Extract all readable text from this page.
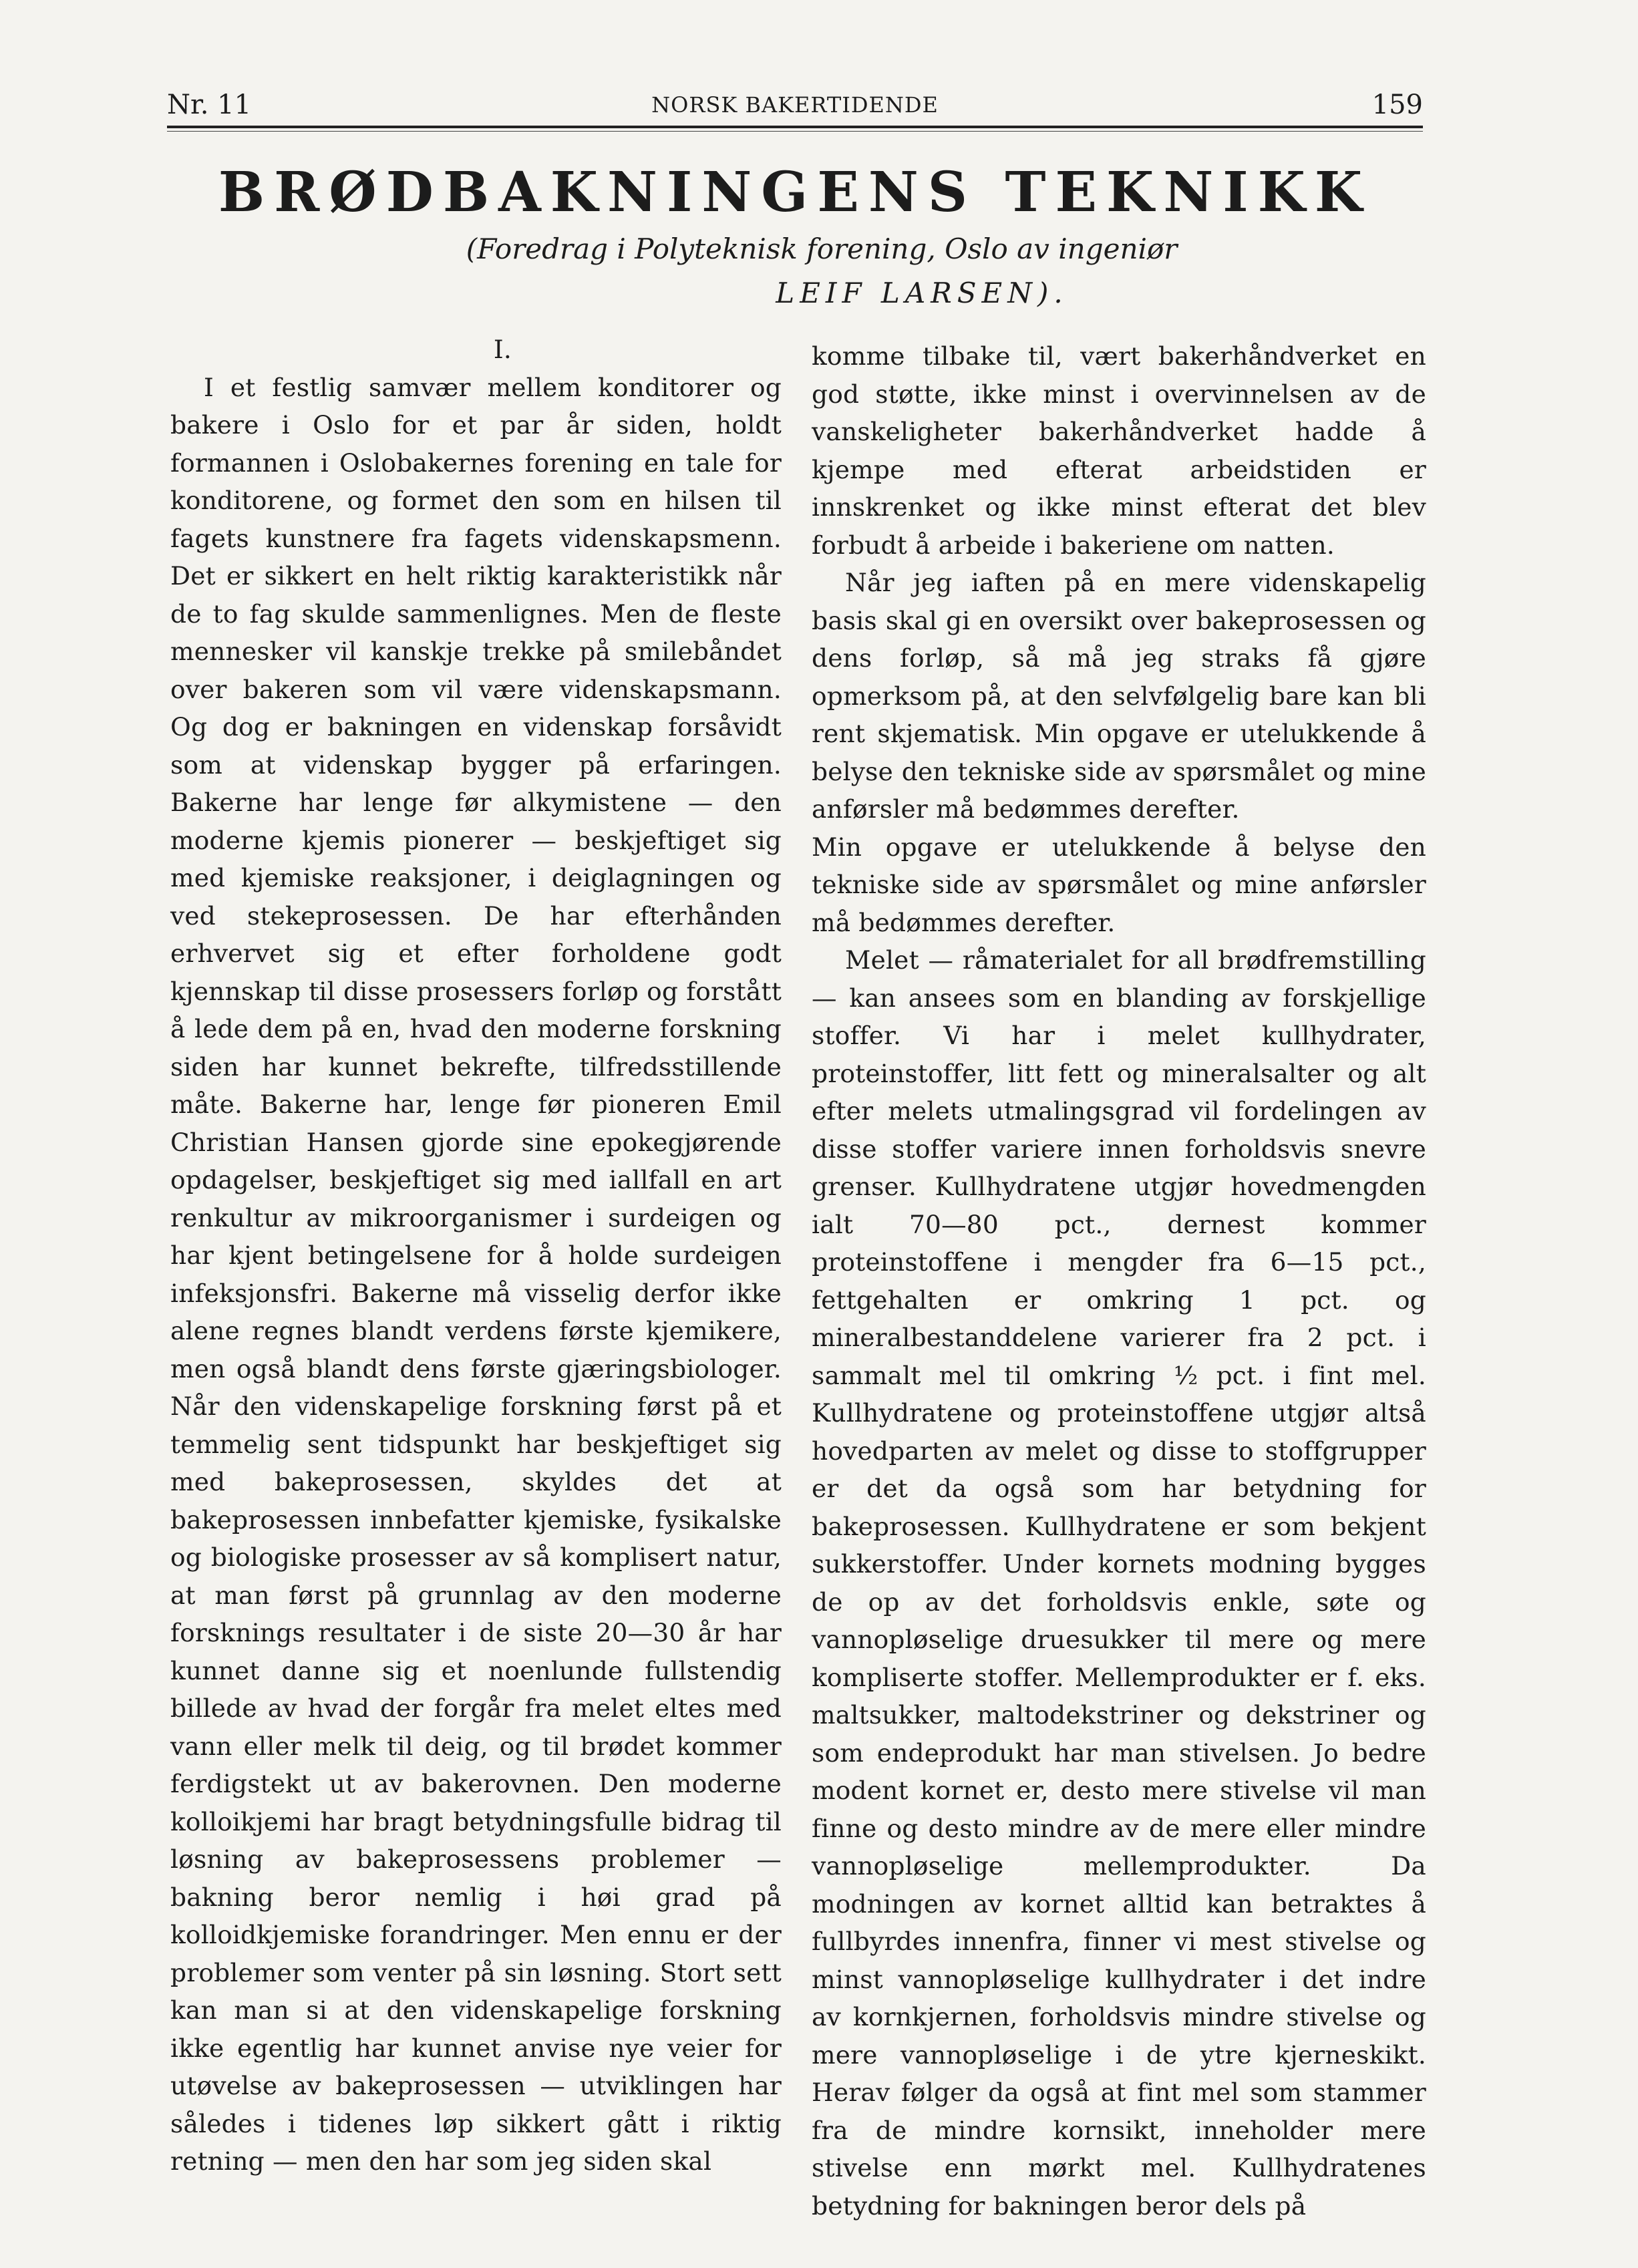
Nr. 11	NORSK BAKERTIDENDE	159
BRØDBAKNINGENS TEKNIKK
(Foredrag i Polyteknisk forening, Oslo av ingeniør
LEIF LARSEN).

I.

I et festlig samvær mellem konditorer og bakere i Oslo for et par år siden, holdt formannen i Oslobakernes forening en tale for konditorene, og formet den som en hilsen til fagets kunstnere fra fagets videnskapsmenn. Det er sikkert en helt riktig karakteristikk når de to fag skulde sammenlignes. Men de fleste mennesker vil kanskje trekke på smilebåndet over bakeren som vil være videnskapsmann. Og dog er bakningen en videnskap forsåvidt som at videnskap bygger på erfaringen. Bakerne har lenge før alkymistene — den moderne kjemis pionerer — beskjeftiget sig med kjemiske reaksjoner, i deiglagningen og ved stekeprosessen. De har efterhånden erhvervet sig et efter forholdene godt kjennskap til disse prosessers forløp og forstått å lede dem på en, hvad den moderne forskning siden har kunnet bekrefte, tilfredsstillende måte. Bakerne har, lenge før pioneren Emil Christian Hansen gjorde sine epokegjørende opdagelser, beskjeftiget sig med iallfall en art renkultur av mikroorganismer i surdeigen og har kjent betingelsene for å holde surdeigen infeksjonsfri. Bakerne må visselig derfor ikke alene regnes blandt verdens første kjemikere, men også blandt dens første gjæringsbiologer. Når den videnskapelige forskning først på et temmelig sent tidspunkt har beskjeftiget sig med bakeprosessen, skyldes det at bakeprosessen innbefatter kjemiske, fysikalske og biologiske prosesser av så komplisert natur, at man først på grunnlag av den moderne forsknings resultater i de siste 20—30 år har kunnet danne sig et noenlunde fullstendig billede av hvad der forgår fra melet eltes med vann eller melk til deig, og til brødet kommer ferdigstekt ut av bakerovnen. Den moderne kolloikjemi har bragt betydningsfulle bidrag til løsning av bakeprosessens problemer — bakning beror nemlig i høi grad på kolloidkjemiske forandringer. Men ennu er der problemer som venter på sin løsning. Stort sett kan man si at den videnskapelige forskning ikke egentlig har kunnet anvise nye veier for utøvelse av bakeprosessen — utviklingen har således i tidenes løp sikkert gått i riktig retning — men den har som jeg siden skal

komme tilbake til, vært bakerhåndverket en god støtte, ikke minst i overvinnelsen av de vanskeligheter bakerhåndverket hadde å kjempe med efterat arbeidstiden er innskrenket og ikke minst efterat det blev forbudt å arbeide i bakeriene om natten.

Når jeg iaften på en mere videnskapelig basis skal gi en oversikt over bakeprosessen og dens forløp, så må jeg straks få gjøre opmerksom på, at den selvfølgelig bare kan bli rent skjematisk. Min opgave er utelukkende å belyse den tekniske side av spørsmålet og mine anførsler må bedømmes derefter.

Min opgave er utelukkende å belyse den tekniske side av spørsmålet og mine anførsler må bedømmes derefter.

Melet — råmaterialet for all brødfremstilling — kan ansees som en blanding av forskjellige stoffer. Vi har i melet kullhydrater, proteinstoffer, litt fett og mineralsalter og alt efter melets utmalingsgrad vil fordelingen av disse stoffer variere innen forholdsvis snevre grenser. Kullhydratene utgjør hovedmengden ialt 70—80 pct., dernest kommer proteinstoffene i mengder fra 6—15 pct., fettgehalten er omkring 1 pct. og mineralbestanddelene varierer fra 2 pct. i sammalt mel til omkring ½ pct. i fint mel. Kullhydratene og proteinstoffene utgjør altså hovedparten av melet og disse to stoffgrupper er det da også som har betydning for bakeprosessen. Kullhydratene er som bekjent sukkerstoffer. Under kornets modning bygges de op av det forholdsvis enkle, søte og vannopløselige druesukker til mere og mere kompliserte stoffer. Mellemprodukter er f. eks. maltsukker, maltodekstriner og dekstriner og som endeprodukt har man stivelsen. Jo bedre modent kornet er, desto mere stivelse vil man finne og desto mindre av de mere eller mindre vannopløselige mellemprodukter. Da modningen av kornet alltid kan betraktes å fullbyrdes innenfra, finner vi mest stivelse og minst vannopløselige kullhydrater i det indre av kornkjernen, forholdsvis mindre stivelse og mere vannopløselige i de ytre kjerneskikt. Herav følger da også at fint mel som stammer fra de mindre kornsikt, inneholder mere stivelse enn mørkt mel. Kullhydratenes betydning for bakningen beror dels på
